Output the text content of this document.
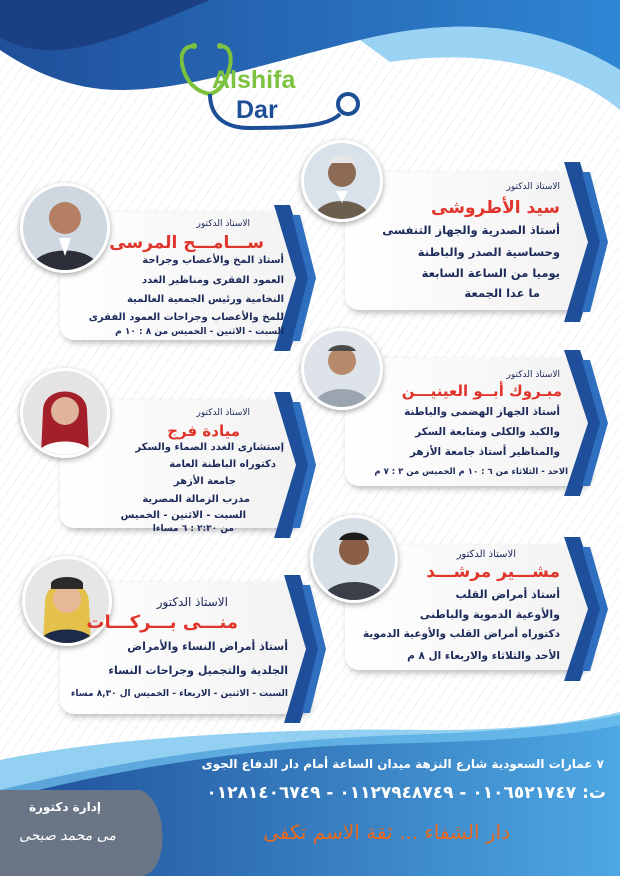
Alshifa
Dar
الاستاذ الدكتور
سيد الأطروشى
أستاذ الصدرية والجهاز التنفسى
وحساسية الصدر والباطنة
يوميا من الساعة السابعة
ما عدا الجمعة
الاستاذ الدكتور
ســـامـــح المرسى
أستاذ المخ والأعصاب وجراحة
العمود الفقرى ومناظير الغدد
النخامية ورئيس الجمعية العالمية
للمخ والأعصاب وجراحات العمود الفقرى
السبت - الاثنين - الخميس من ٨ : ١٠ م
الاستاذ الدكتور
مبـروك أبــو العينيـــن
أستاذ الجهاز الهضمى والباطنة
والكبد والكلى ومتابعة السكر
والمناظير أستاذ جامعة الأزهر
الاحد - الثلاثاء من ٦ : ١٠ م الخميس من ٣ : ٧ م
الاستاذ الدكتور
ميادة فرج
إستشارى الغدد الصماء والسكر
دكتوراه الباطنة العامة
جامعة الأزهر
مدرب الزمالة المصرية
السبت - الاثنين - الخميس
من ٢:٣٠ : ٦ مساءا
الاستاذ الدكتور
مشـــير مرشـــد
أستاذ أمراض القلب
والأوعية الدموية والباطنى
دكتوراه أمراض القلب والأوعية الدموية
الأحد والثلاثاء والاربعاء ال ٨ م
الاستاذ الدكتور
منـــى بـــركـــات
أستاذ أمراض النساء والأمراض
الجلدية والتجميل وجراحات النساء
السبت - الاثنين - الاربعاء - الخميس ال ٨,٣٠ مساء
٧ عمارات السعودية شارع النزهة ميدان الساعة أمام دار الدفاع الجوى
ت: ٠١٠٦٥٢١٧٤٧ - ٠١١٢٧٩٤٨٧٤٩ - ٠١٢٨١٤٠٦٧٤٩
دار الشفاء ... ثقة الاسم تكفى
إدارة دكتورة
مى محمد صبحى
